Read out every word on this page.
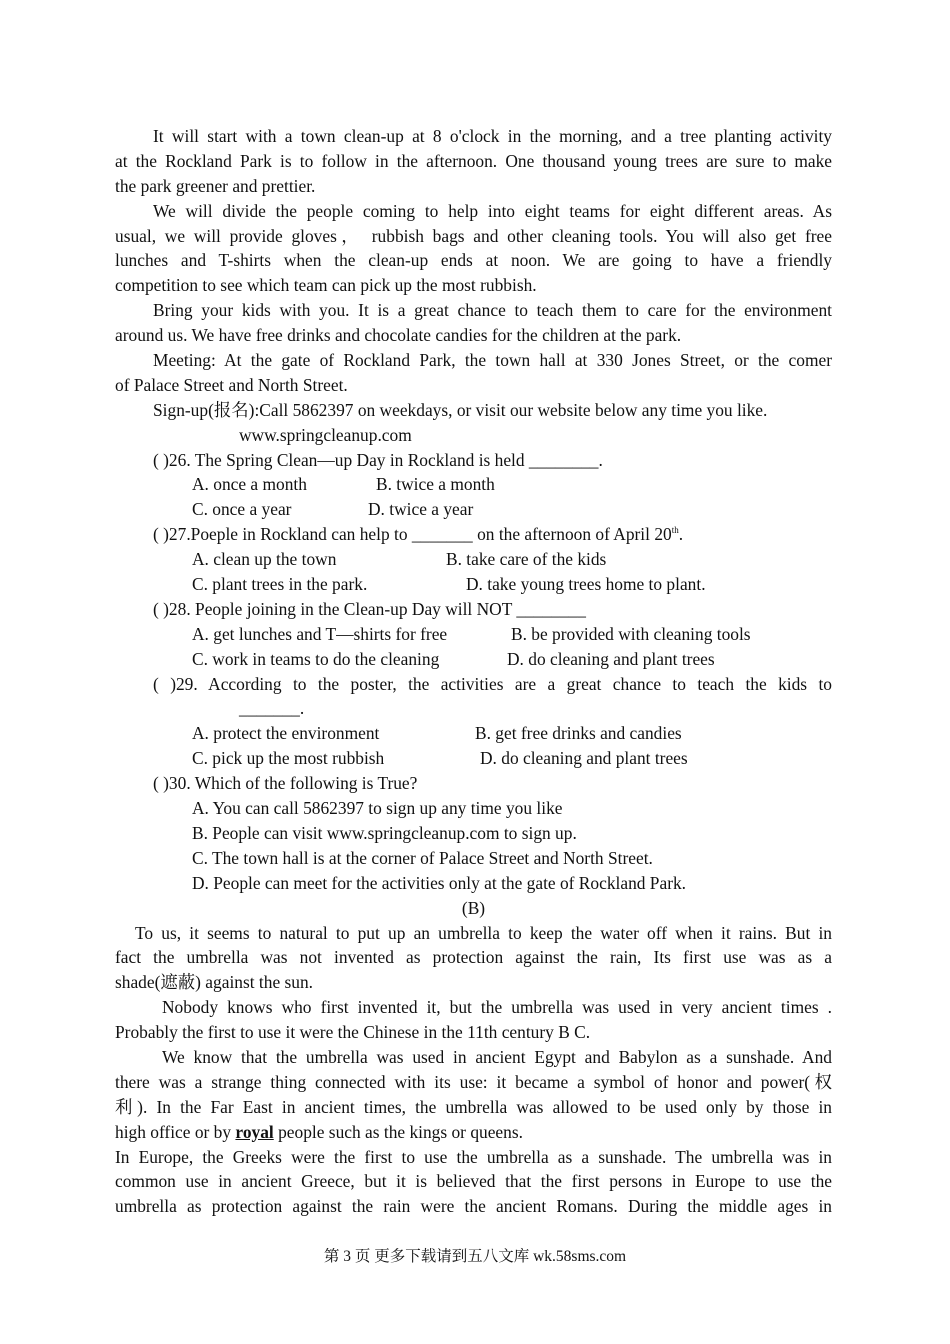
It will start with a town clean-up at 8 o'clock in the morning, and a tree planting activity
at the Rockland Park is to follow in the afternoon. One thousand young trees are sure to make
the park greener and prettier.
We will divide the people coming to help into eight teams for eight different areas. As
usual, we will provide gloves， rubbish bags and other cleaning tools. You will also get free
lunches and T-shirts when the clean-up ends at noon. We are going to have a friendly
competition to see which team can pick up the most rubbish.
Bring your kids with you. It is a great chance to teach them to care for the environment
around us. We have free drinks and chocolate candies for the children at the park.
Meeting: At the gate of Rockland Park, the town hall at 330 Jones Street, or the comer
of Palace Street and North Street.
Sign-up(报名):Call 5862397 on weekdays, or visit our website below any time you like.
www.springcleanup.com
( )26. The Spring Clean—up Day in Rockland is held ________.
A. once a month	B. twice a month
C. once a year	D. twice a year
( )27.Poeple in Rockland can help to _______ on the afternoon of April 20th.
A. clean up the town	B. take care of the kids
C. plant trees in the park.	D. take young trees home to plant.
( )28. People joining in the Clean-up Day will NOT ________
A. get lunches and T—shirts for free	B. be provided with cleaning tools
C. work in teams to do the cleaning	D. do cleaning and plant trees
( )29. According to the poster, the activities are a great chance to teach the kids to
_______.
A. protect the environment	B. get free drinks and candies
C. pick up the most rubbish	D. do cleaning and plant trees
( )30. Which of the following is True?
A. You can call 5862397 to sign up any time you like
B. People can visit www.springcleanup.com to sign up.
C. The town hall is at the corner of Palace Street and North Street.
D. People can meet for the activities only at the gate of Rockland Park.
(B)
To us, it seems to natural to put up an umbrella to keep the water off when it rains. But in
fact the umbrella was not invented as protection against the rain, Its first use was as a
shade(遮蔽) against the sun.
Nobody knows who first invented it, but the umbrella was used in very ancient times .
Probably the first to use it were the Chinese in the 11th century B C.
We know that the umbrella was used in ancient Egypt and Babylon as a sunshade. And
there was a strange thing connected with its use: it became a symbol of honor and power(权
利). In the Far East in ancient times, the umbrella was allowed to be used only by those in
high office or by royal people such as the kings or queens.
In Europe, the Greeks were the first to use the umbrella as a sunshade. The umbrella was in
common use in ancient Greece, but it is believed that the first persons in Europe to use the
umbrella as protection against the rain were the ancient Romans. During the middle ages in
第 3 页 更多下载请到五八文库 wk.58sms.com
